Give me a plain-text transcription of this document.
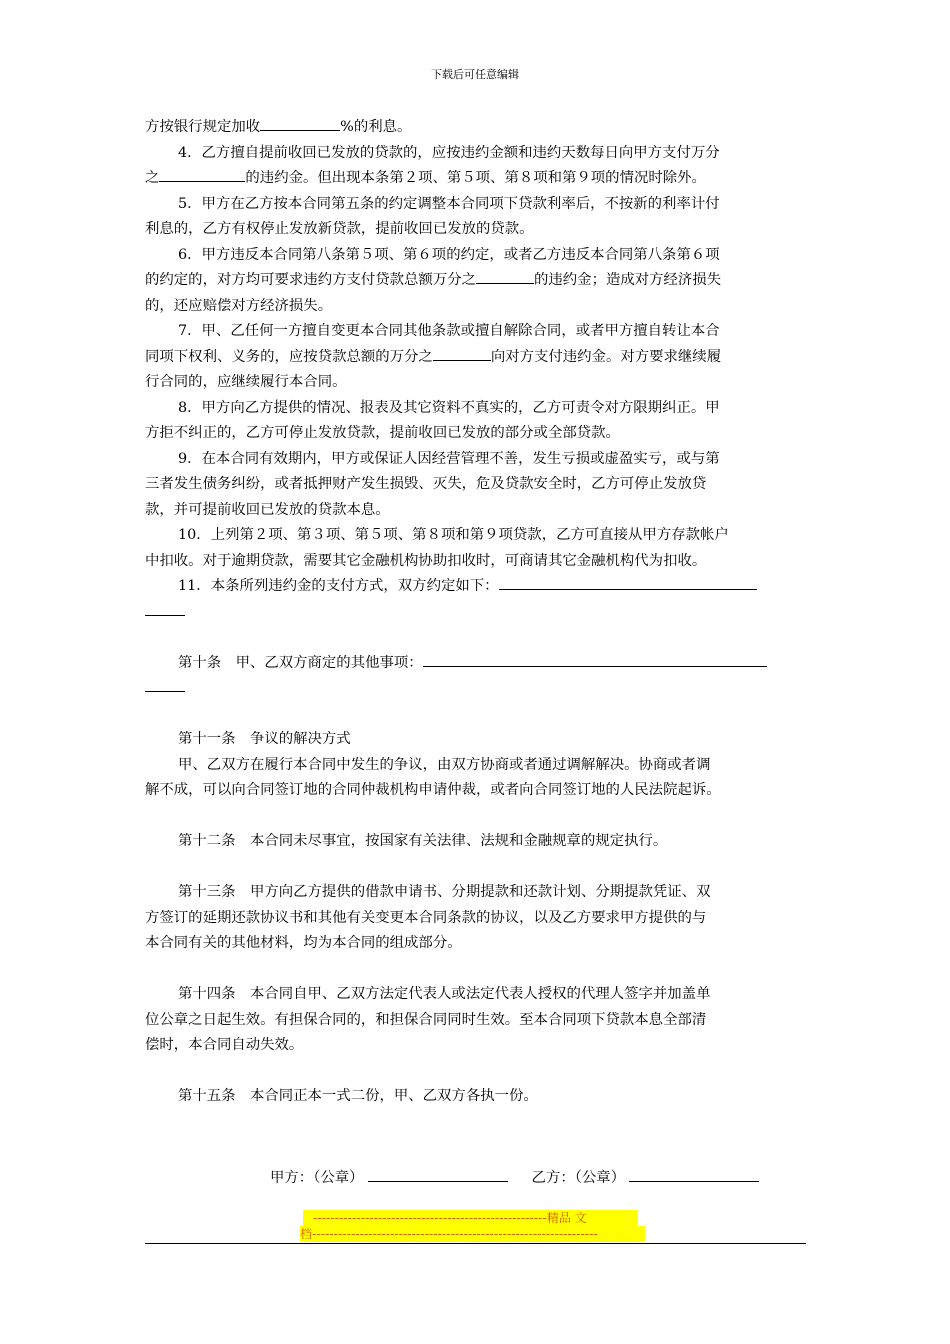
下载后可任意编辑
方按银行规定加收	%的利息。
4．乙方擅自提前收回已发放的贷款的，应按违约金额和违约天数每日向甲方支付万分
之	的违约金。但出现本条第２项、第５项、第８项和第９项的情况时除外。
5．甲方在乙方按本合同第五条的约定调整本合同项下贷款利率后，不按新的利率计付
利息的，乙方有权停止发放新贷款，提前收回已发放的贷款。
6．甲方违反本合同第八条第５项、第６项的约定，或者乙方违反本合同第八条第６项
的约定的，对方均可要求违约方支付贷款总额万分之	的违约金；造成对方经济损失
的，还应赔偿对方经济损失。
7．甲、乙任何一方擅自变更本合同其他条款或擅自解除合同，或者甲方擅自转让本合
同项下权利、义务的，应按贷款总额的万分之	向对方支付违约金。对方要求继续履
行合同的，应继续履行本合同。
8．甲方向乙方提供的情况、报表及其它资料不真实的，乙方可责令对方限期纠正。甲
方拒不纠正的，乙方可停止发放贷款，提前收回已发放的部分或全部贷款。
9．在本合同有效期内，甲方或保证人因经营管理不善，发生亏损或虚盈实亏，或与第
三者发生债务纠纷，或者抵押财产发生损毁、灭失，危及贷款安全时，乙方可停止发放贷
款，并可提前收回已发放的贷款本息。
10．上列第２项、第３项、第５项、第８项和第９项贷款，乙方可直接从甲方存款帐户
中扣收。对于逾期贷款，需要其它金融机构协助扣收时，可商请其它金融机构代为扣收。
11．本条所列违约金的支付方式，双方约定如下：
第十条　甲、乙双方商定的其他事项：
第十一条　争议的解决方式
甲、乙双方在履行本合同中发生的争议，由双方协商或者通过调解解决。协商或者调
解不成，可以向合同签订地的合同仲裁机构申请仲裁，或者向合同签订地的人民法院起诉。
第十二条　本合同未尽事宜，按国家有关法律、法规和金融规章的规定执行。
第十三条　甲方向乙方提供的借款申请书、分期提款和还款计划、分期提款凭证、双
方签订的延期还款协议书和其他有关变更本合同条款的协议，以及乙方要求甲方提供的与
本合同有关的其他材料，均为本合同的组成部分。
第十四条　本合同自甲、乙双方法定代表人或法定代表人授权的代理人签字并加盖单
位公章之日起生效。有担保合同的，和担保合同同时生效。至本合同项下贷款本息全部清
偿时，本合同自动失效。
第十五条　本合同正本一式二份，甲、乙双方各执一份。
甲方：（公章）	乙方：（公章）
------------------------------------------------------精品 文
档------------------------------------------------------------------
